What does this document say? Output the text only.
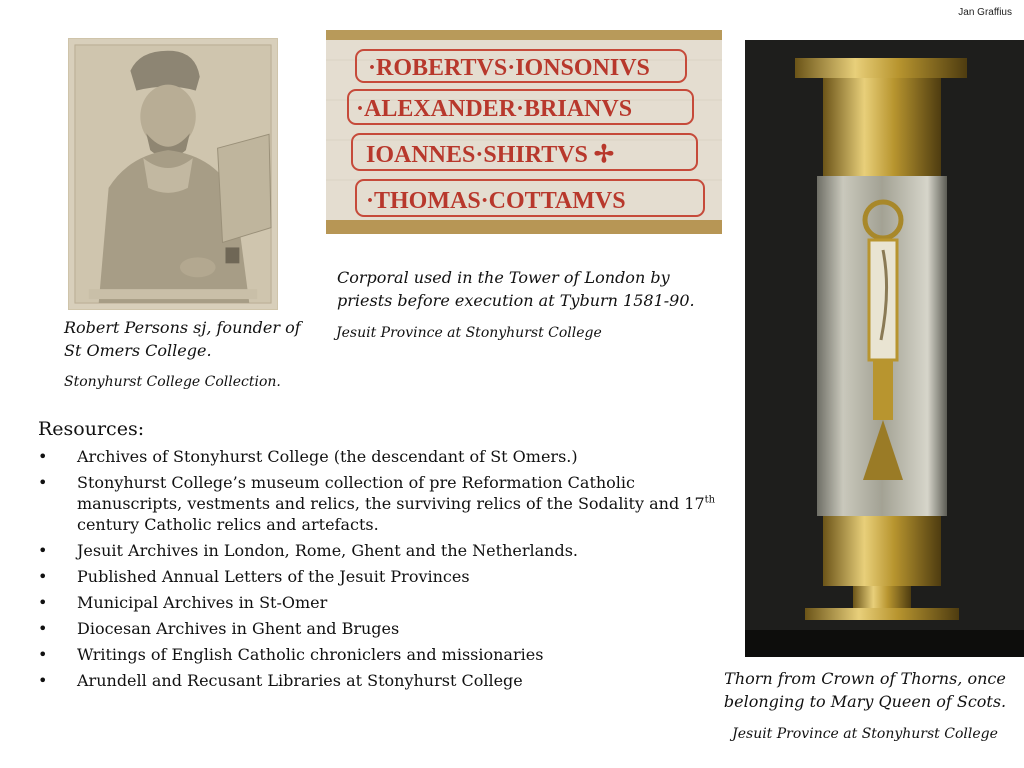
Jan Graffius
Robert Persons sj, founder of
St Omers College.
Stonyhurst College Collection.
·ROBERTVS·IONSONIVS
·ALEXANDER·BRIANVS
IOANNES·SHIRTVS ✢
·THOMAS·COTTAMVS
Corporal used in the Tower of London by
priests before execution at Tyburn 1581-90.
Jesuit Province at Stonyhurst College
Thorn from Crown of Thorns, once
belonging to Mary Queen of Scots.
Jesuit Province at Stonyhurst College
Resources:
• Archives of Stonyhurst College (the descendant of St Omers.)
• Stonyhurst College’s museum collection of pre Reformation Catholic manuscripts, vestments and relics, the surviving relics of the Sodality and 17th century Catholic relics and artefacts.
• Jesuit Archives in London, Rome, Ghent and the Netherlands.
• Published Annual Letters of the Jesuit Provinces
• Municipal Archives in St-Omer
• Diocesan Archives in Ghent and Bruges
• Writings of English Catholic chroniclers and missionaries
• Arundell and Recusant Libraries at Stonyhurst College
